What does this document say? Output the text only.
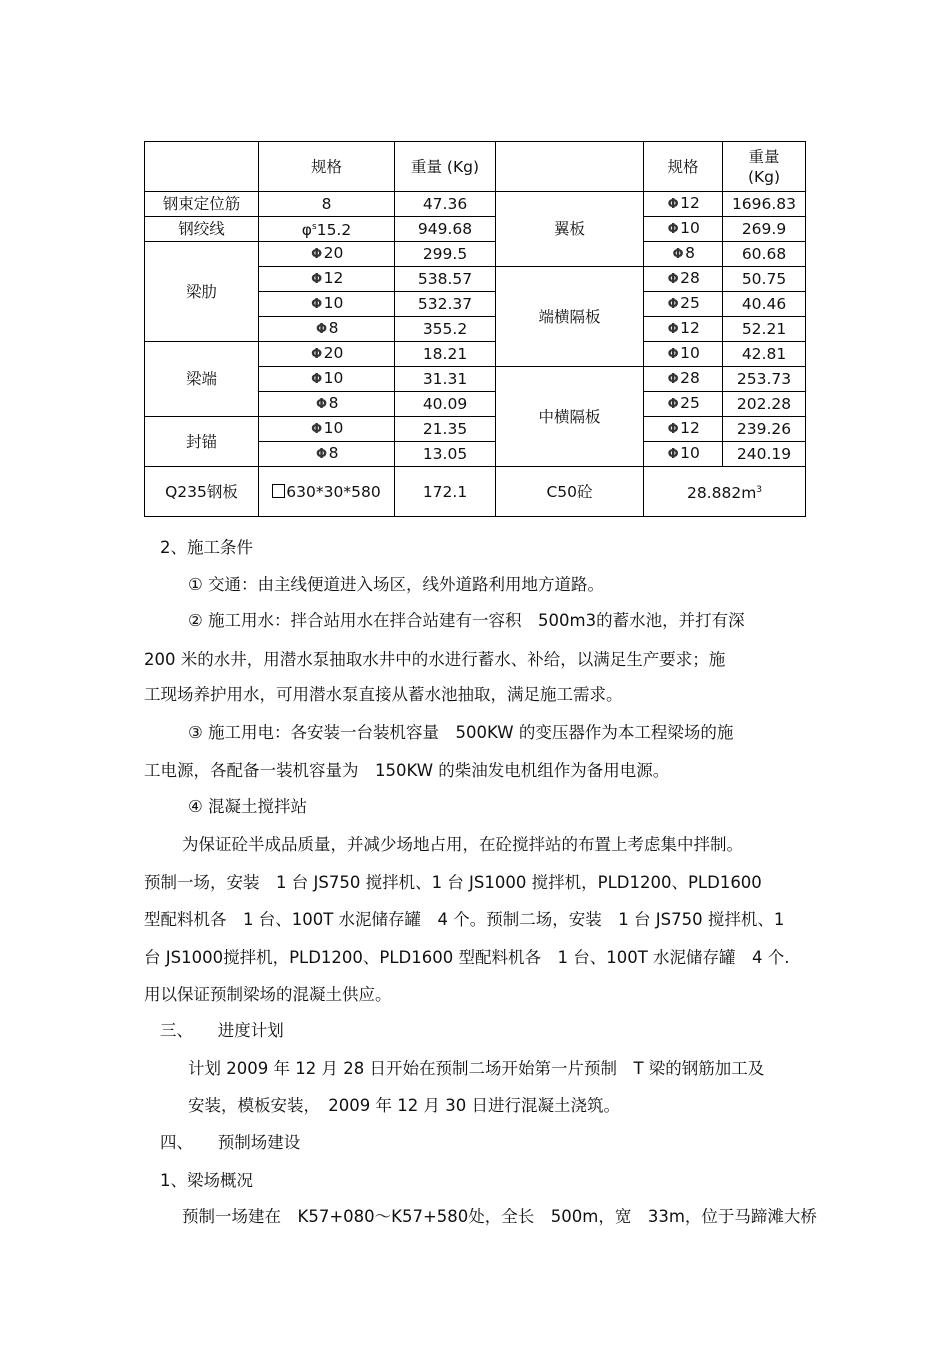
	规格	重量 (Kg)		规格	重量
(Kg)
钢束定位筋	8	47.36	翼板	Φ12	1696.83
钢绞线	$\varphi^s15.2$	949.68		Φ10	269.9
梁肋	Φ20	299.5		Φ8	60.68
	Φ12	538.57	端横隔板	Φ28	50.75
	Φ10	532.37		Φ25	40.46
	Φ8	355.2		Φ12	52.21
梁端	Φ20	18.21		Φ10	42.81
	Φ10	31.31	中横隔板	Φ28	253.73
	Φ8	40.09		Φ25	202.28
封锚	Φ10	21.35		Φ12	239.26
	Φ8	13.05		Φ10	240.19
Q235钢板	630*30*580	172.1	C50砼	$28.882m^3$
2、施工条件
① 交通：由主线便道进入场区，线外道路利用地方道路。
② 施工用水：拌合站用水在拌合站建有一容积　500m3的蓄水池，并打有深
200 米的水井，用潜水泵抽取水井中的水进行蓄水、补给，以满足生产要求；施
工现场养护用水，可用潜水泵直接从蓄水池抽取，满足施工需求。
③ 施工用电：各安装一台装机容量　500KW 的变压器作为本工程梁场的施
工电源，各配备一装机容量为　150KW 的柴油发电机组作为备用电源。
④ 混凝土搅拌站
为保证砼半成品质量，并减少场地占用，在砼搅拌站的布置上考虑集中拌制。
预制一场，安装　1 台 JS750 搅拌机、1 台 JS1000 搅拌机，PLD1200、PLD1600
型配料机各　1 台、100T 水泥储存罐　4 个。预制二场，安装　1 台 JS750 搅拌机、1
台 JS1000搅拌机，PLD1200、PLD1600 型配料机各　1 台、100T 水泥储存罐　4 个.
用以保证预制梁场的混凝土供应。
三、　　进度计划
计划 2009 年 12 月 28 日开始在预制二场开始第一片预制　T 梁的钢筋加工及
安装，模板安装，　2009 年 12 月 30 日进行混凝土浇筑。
四、　　预制场建设
1、梁场概况
预制一场建在　K57+080～K57+580处，全长　500m，宽　33m，位于马蹄滩大桥
